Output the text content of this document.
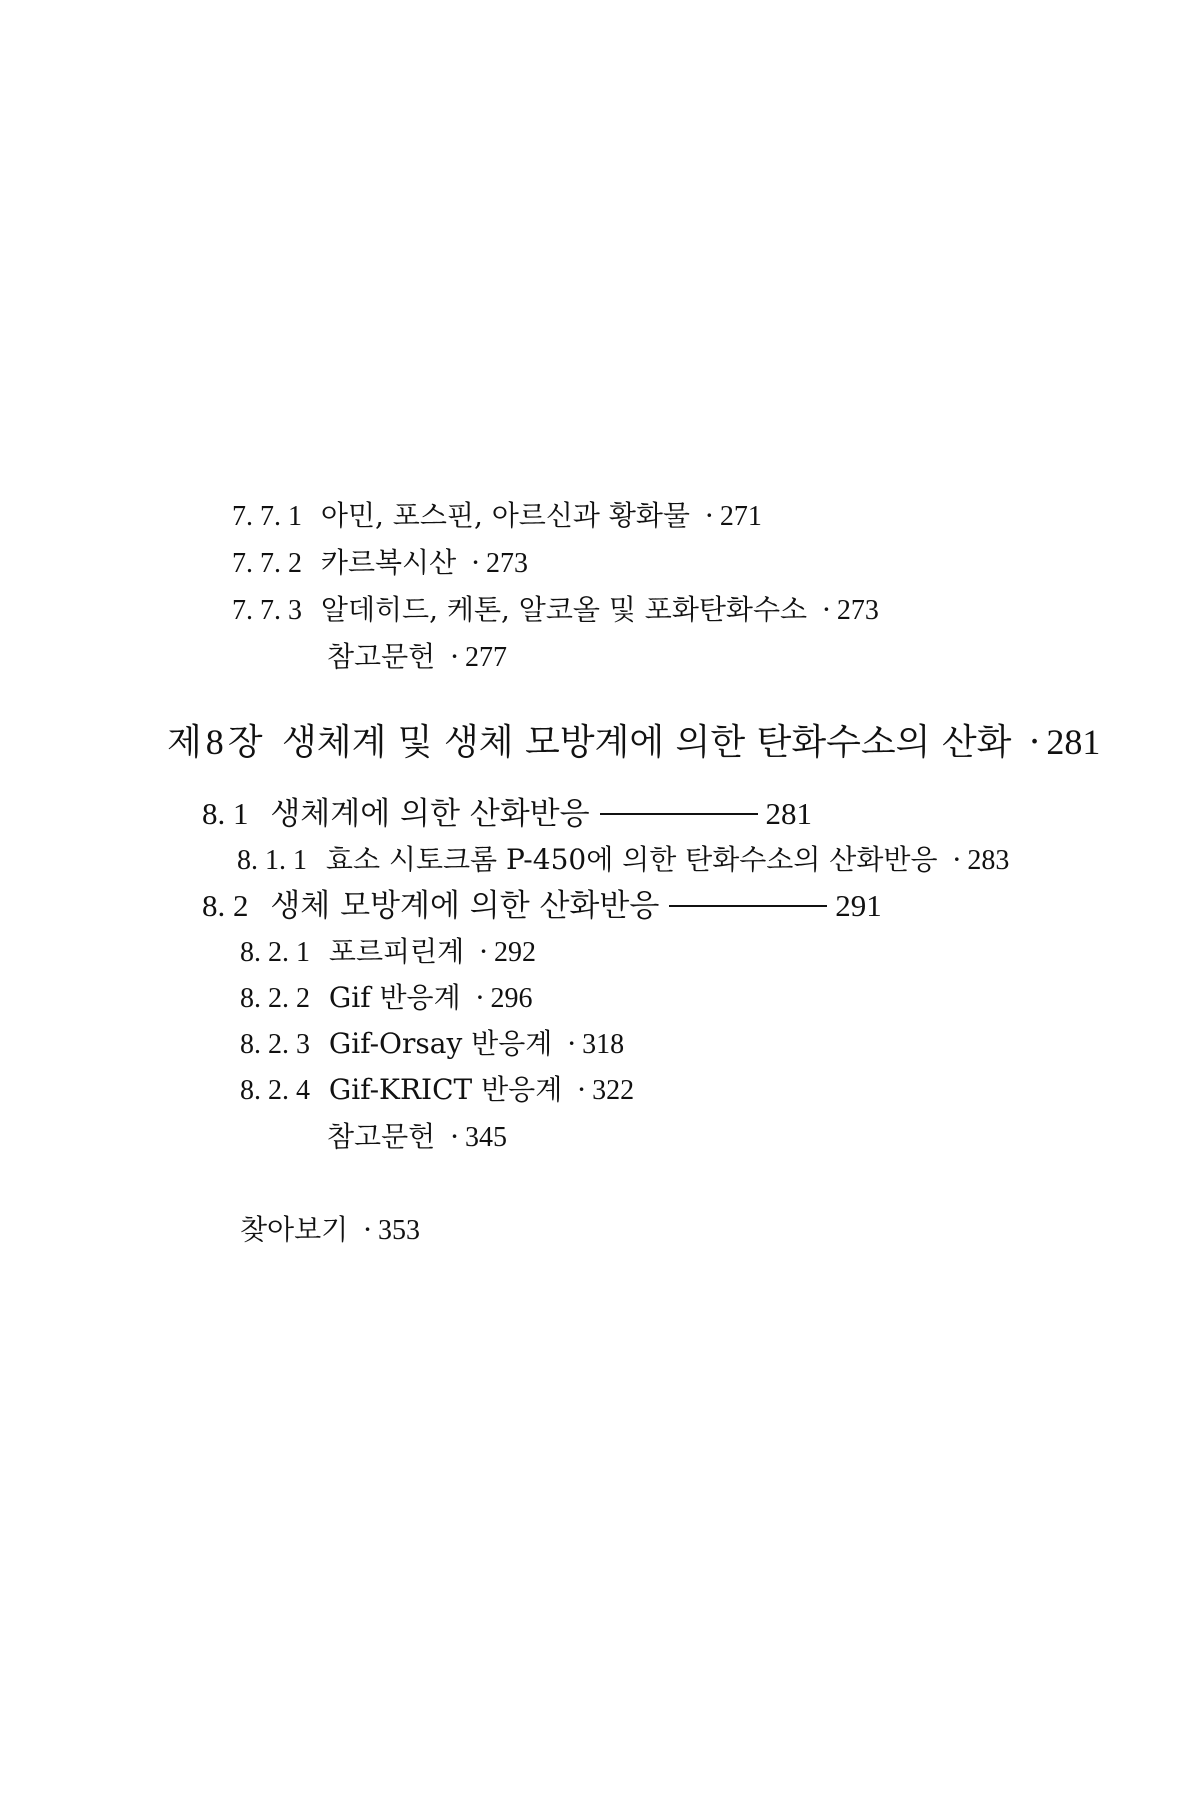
7. 7. 1 아민, 포스핀, 아르신과 황화물 · 271
7. 7. 2 카르복시산 · 273
7. 7. 3 알데히드, 케톤, 알코올 및 포화탄화수소 · 273
참고문헌 · 277
제 8 장 생체계 및 생체 모방계에 의한 탄화수소의 산화 · 281
8. 1 생체계에 의한 산화반응	281
8. 1. 1 효소 시토크롬 P-450에 의한 탄화수소의 산화반응 · 283
8. 2 생체 모방계에 의한 산화반응	291
8. 2. 1 포르피린계 · 292
8. 2. 2 Gif 반응계 · 296
8. 2. 3 Gif-Orsay 반응계 · 318
8. 2. 4 Gif-KRICT 반응계 · 322
참고문헌 · 345
찾아보기 · 353
